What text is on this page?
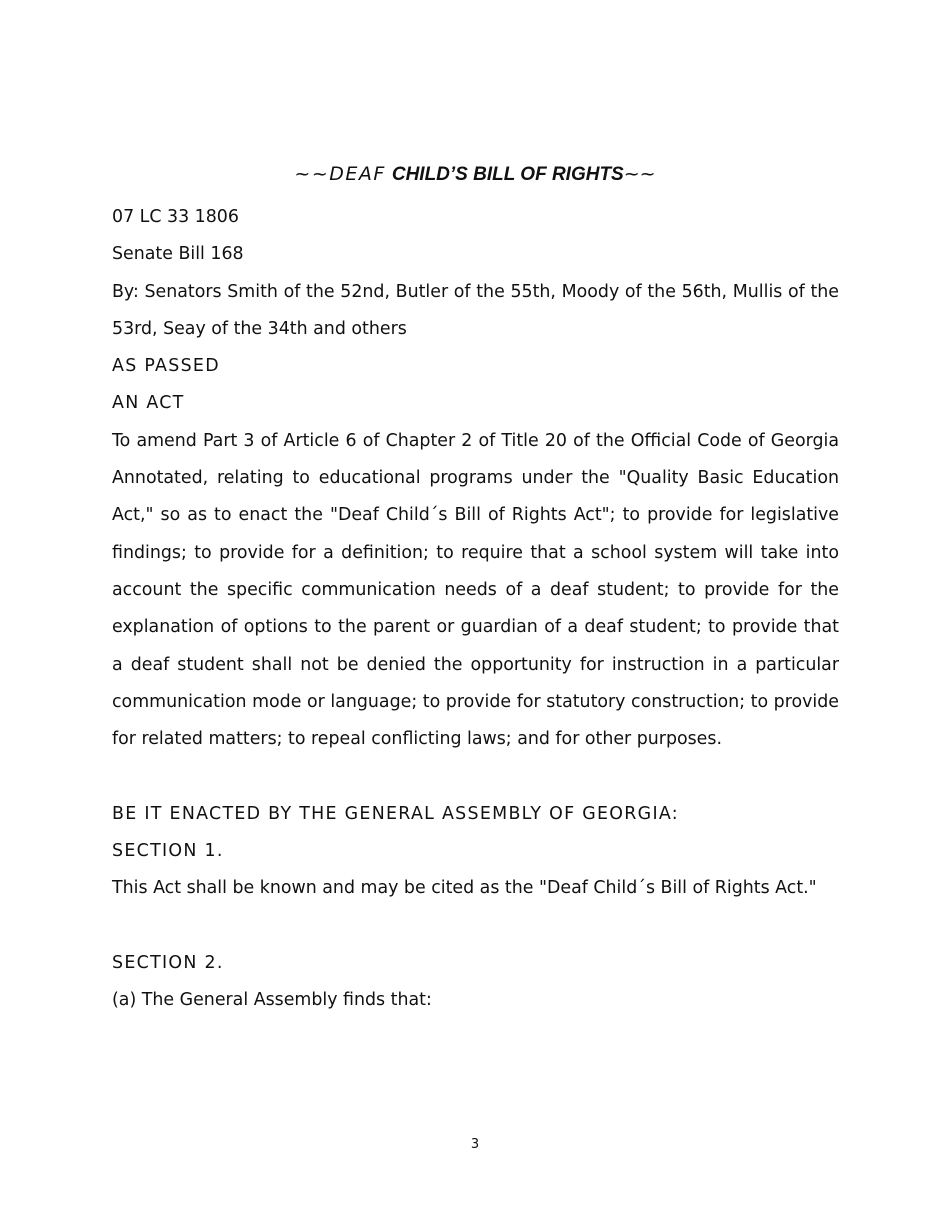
~~DEAF CHILD’S BILL OF RIGHTS~~
07 LC 33 1806
Senate Bill 168
By: Senators Smith of the 52nd, Butler of the 55th, Moody of the 56th, Mullis of the 53rd, Seay of the 34th and others
AS PASSED
AN ACT
To amend Part 3 of Article 6 of Chapter 2 of Title 20 of the Official Code of Georgia Annotated, relating to educational programs under the "Quality Basic Education Act," so as to enact the "Deaf Child´s Bill of Rights Act"; to provide for legislative findings; to provide for a definition; to require that a school system will take into account the specific communication needs of a deaf student; to provide for the explanation of options to the parent or guardian of a deaf student; to provide that a deaf student shall not be denied the opportunity for instruction in a particular communication mode or language; to provide for statutory construction; to provide for related matters; to repeal conflicting laws; and for other purposes.
BE IT ENACTED BY THE GENERAL ASSEMBLY OF GEORGIA:
SECTION 1.
This Act shall be known and may be cited as the "Deaf Child´s Bill of Rights Act."
SECTION 2.
(a) The General Assembly finds that:
3
